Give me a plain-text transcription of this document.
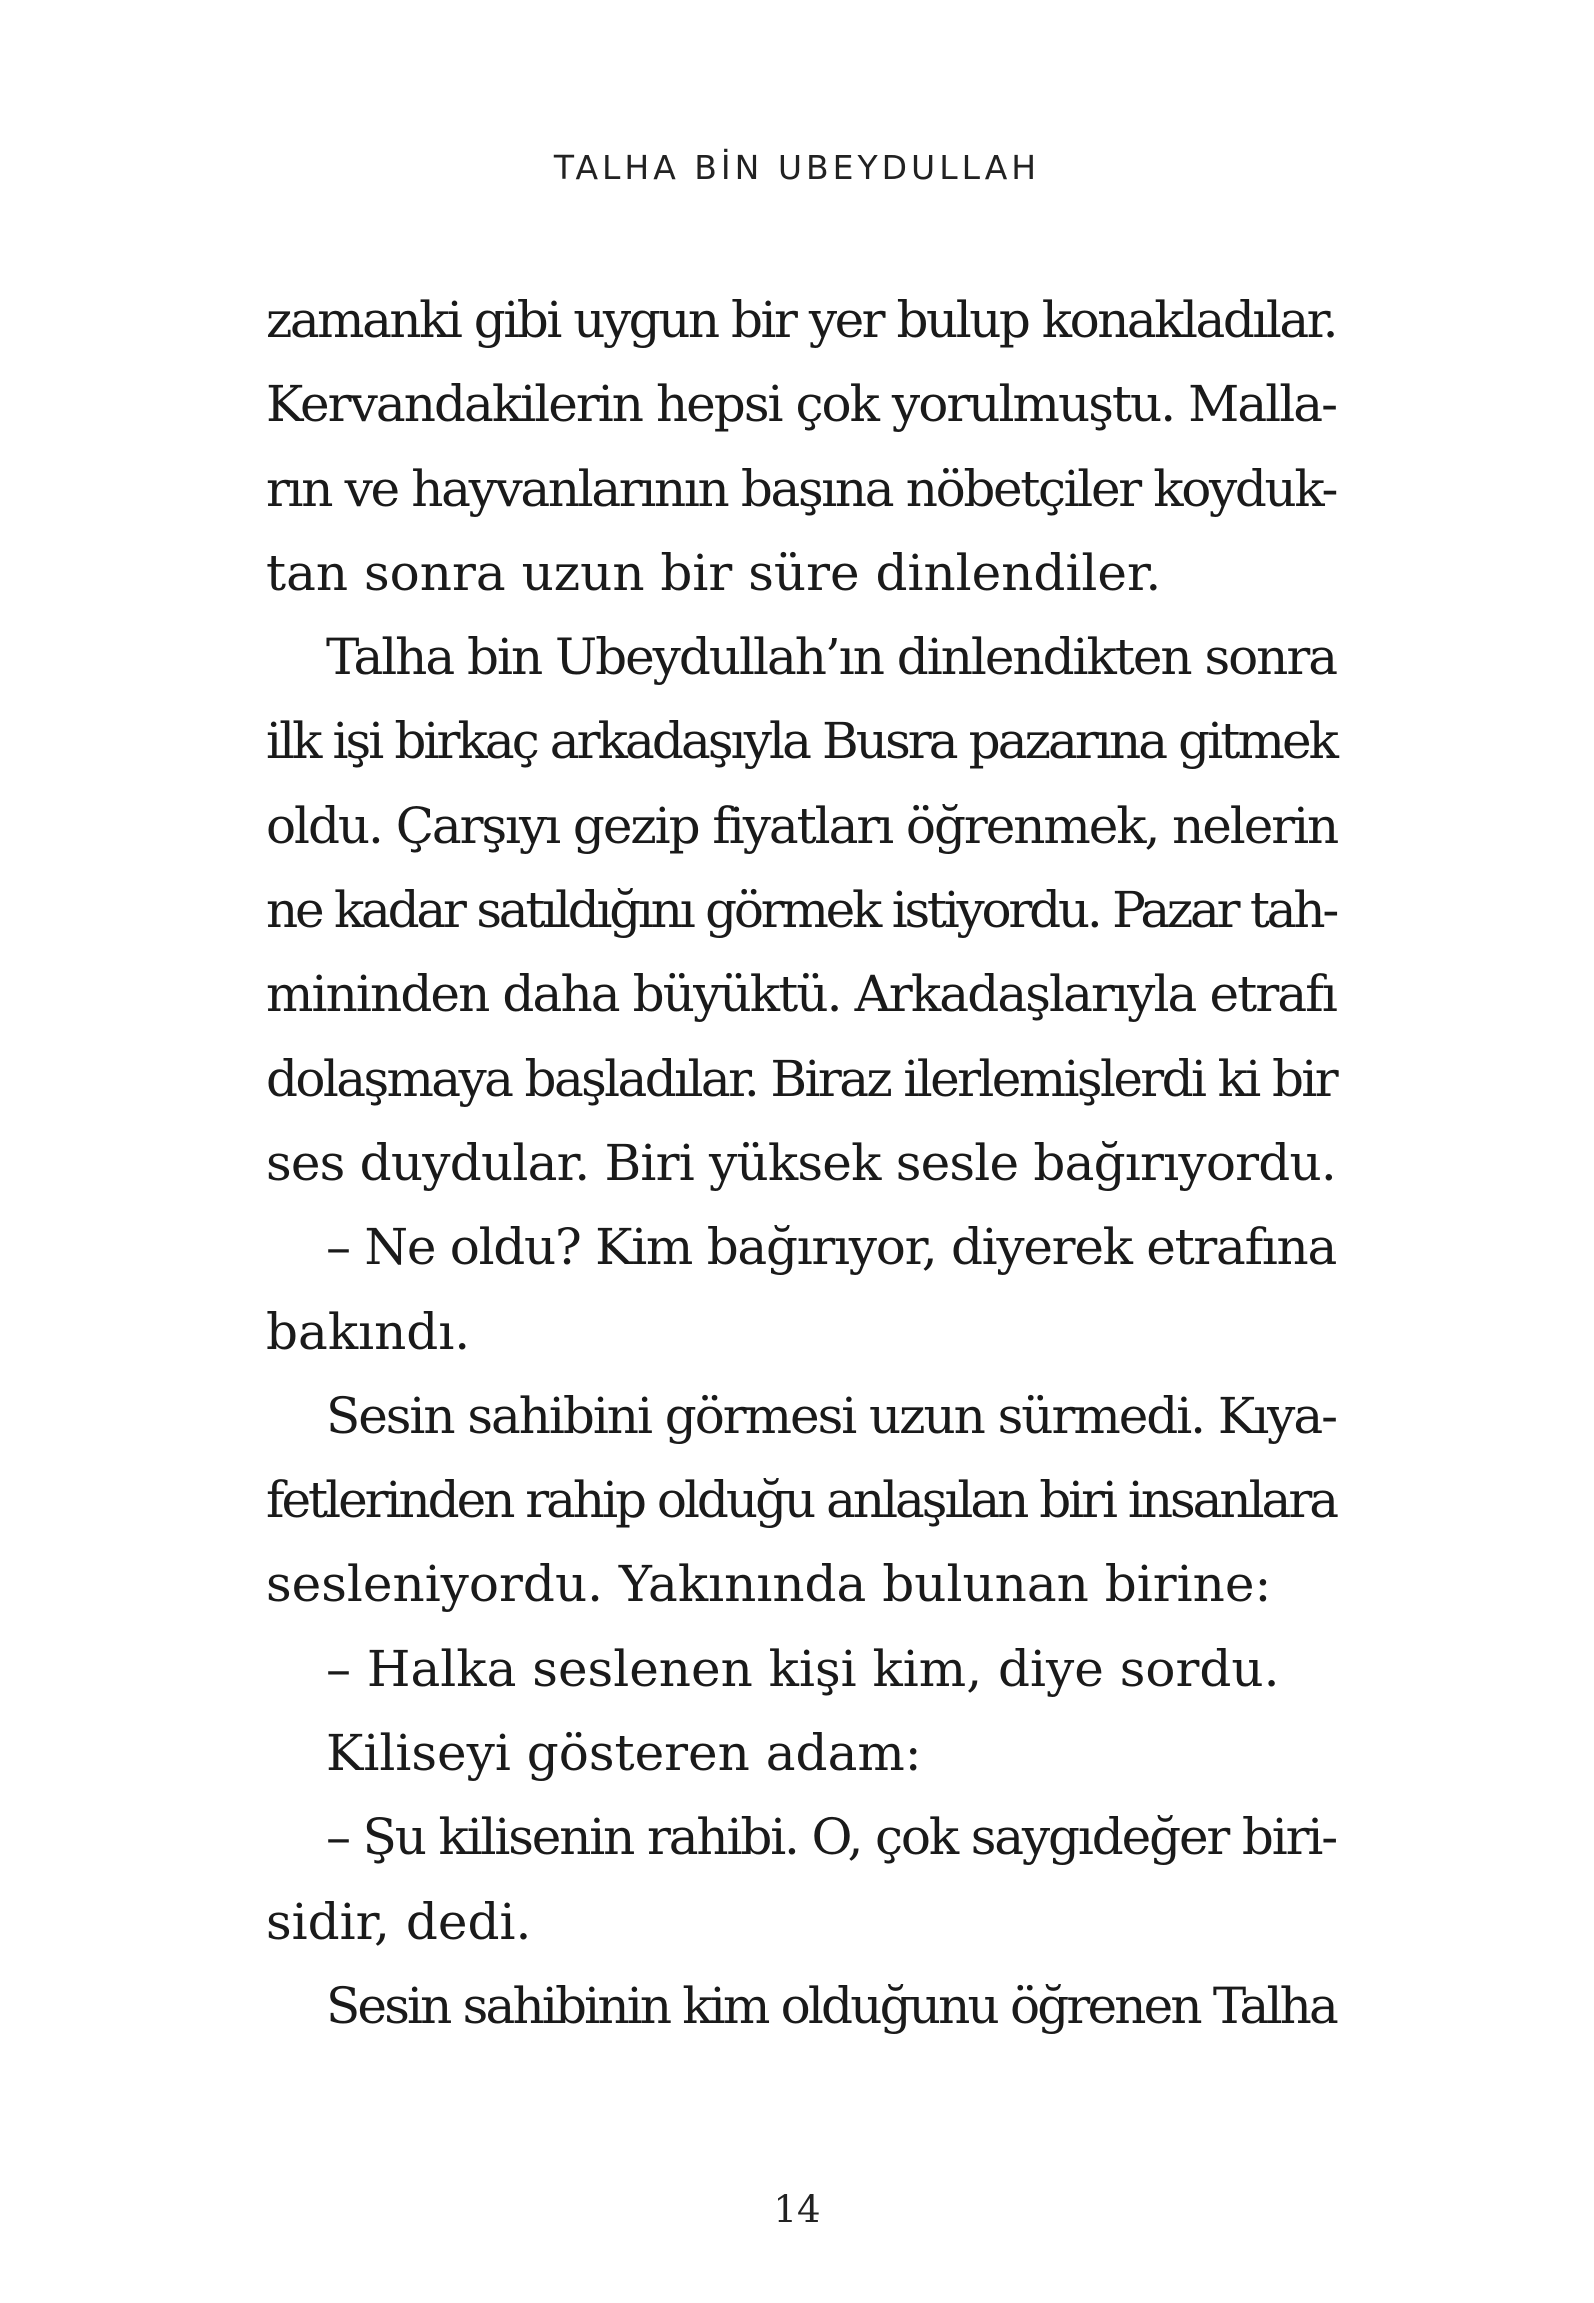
TALHA BİN UBEYDULLAH
zamanki gibi uygun bir yer bulup konakladılar.
Kervandakilerin hepsi çok yorulmuştu. Malla-
rın ve hayvanlarının başına nöbetçiler koyduk-
tan sonra uzun bir süre dinlendiler.
Talha bin Ubeydullah’ın dinlendikten sonra
ilk işi birkaç arkadaşıyla Busra pazarına gitmek
oldu. Çarşıyı gezip fiyatları öğrenmek, nelerin
ne kadar satıldığını görmek istiyordu. Pazar tah-
mininden daha büyüktü. Arkadaşlarıyla etrafı
dolaşmaya başladılar. Biraz ilerlemişlerdi ki bir
ses duydular. Biri yüksek sesle bağırıyordu.
– Ne oldu? Kim bağırıyor, diyerek etrafına
bakındı.
Sesin sahibini görmesi uzun sürmedi. Kıya-
fetlerinden rahip olduğu anlaşılan biri insanlara
sesleniyordu. Yakınında bulunan birine:
– Halka seslenen kişi kim, diye sordu.
Kiliseyi gösteren adam:
– Şu kilisenin rahibi. O, çok saygıdeğer biri-
sidir, dedi.
Sesin sahibinin kim olduğunu öğrenen Talha
14
